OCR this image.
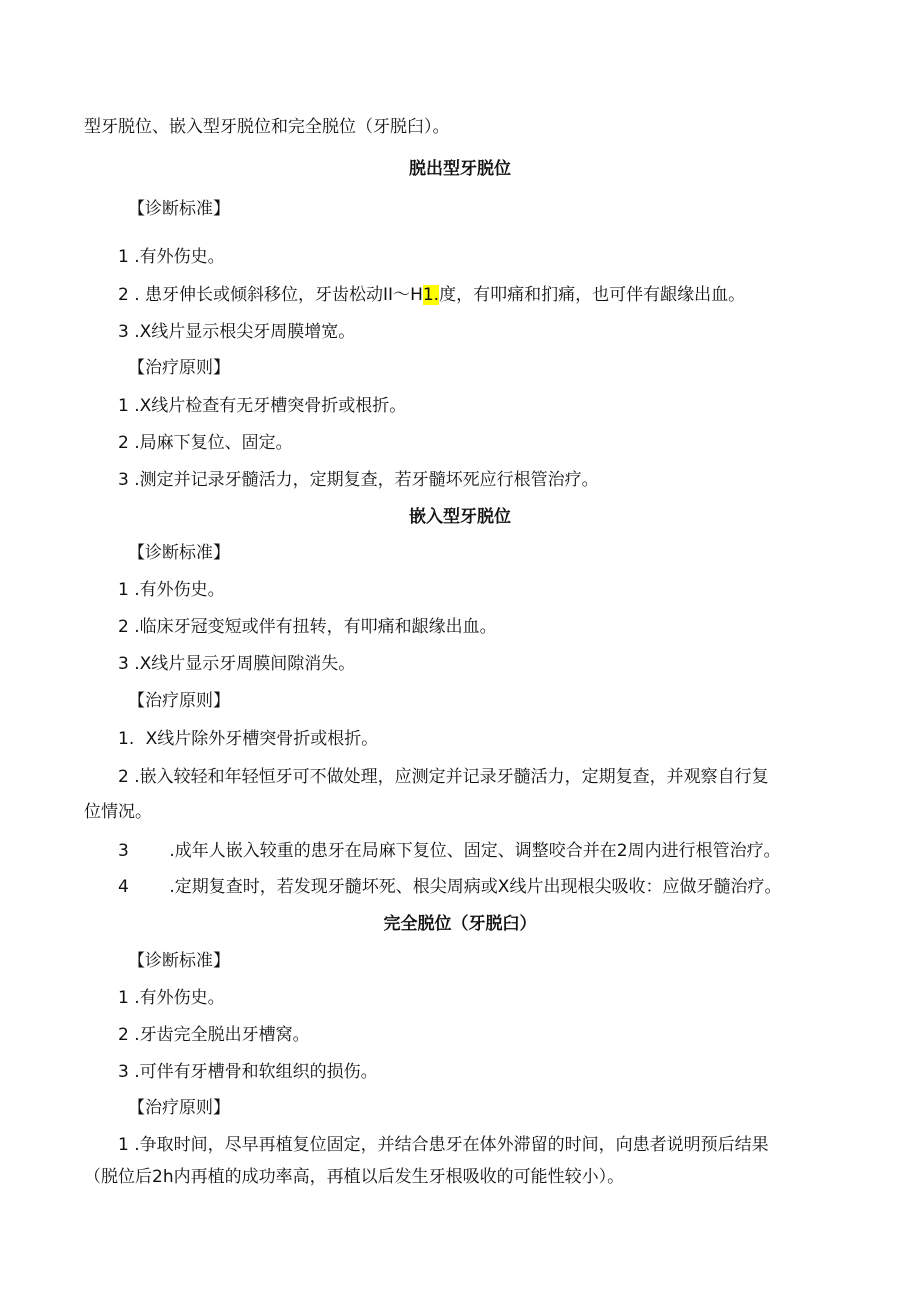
型牙脱位、嵌入型牙脱位和完全脱位（牙脱臼）。
脱出型牙脱位
【诊断标准】
1 .有外伤史。
2 . 患牙伸长或倾斜移位，牙齿松动II～H1.度，有叩痛和扪痛，也可伴有龈缘出血。
3 .X线片显示根尖牙周膜增宽。
【治疗原则】
1 .X线片检查有无牙槽突骨折或根折。
2 .局麻下复位、固定。
3 .测定并记录牙髓活力，定期复查，若牙髓坏死应行根管治疗。
嵌入型牙脱位
【诊断标准】
1 .有外伤史。
2 .临床牙冠变短或伴有扭转，有叩痛和龈缘出血。
3 .X线片显示牙周膜间隙消失。
【治疗原则】
1. X线片除外牙槽突骨折或根折。
2 .嵌入较轻和年轻恒牙可不做处理，应测定并记录牙髓活力，定期复查，并观察自行复
位情况。
3 .成年人嵌入较重的患牙在局麻下复位、固定、调整咬合并在2周内进行根管治疗。
4 .定期复查时，若发现牙髓坏死、根尖周病或X线片出现根尖吸收：应做牙髓治疗。
完全脱位（牙脱臼）
【诊断标准】
1 .有外伤史。
2 .牙齿完全脱出牙槽窝。
3 .可伴有牙槽骨和软组织的损伤。
【治疗原则】
1 .争取时间，尽早再植复位固定，并结合患牙在体外滞留的时间，向患者说明预后结果
（脱位后2h内再植的成功率高，再植以后发生牙根吸收的可能性较小）。
